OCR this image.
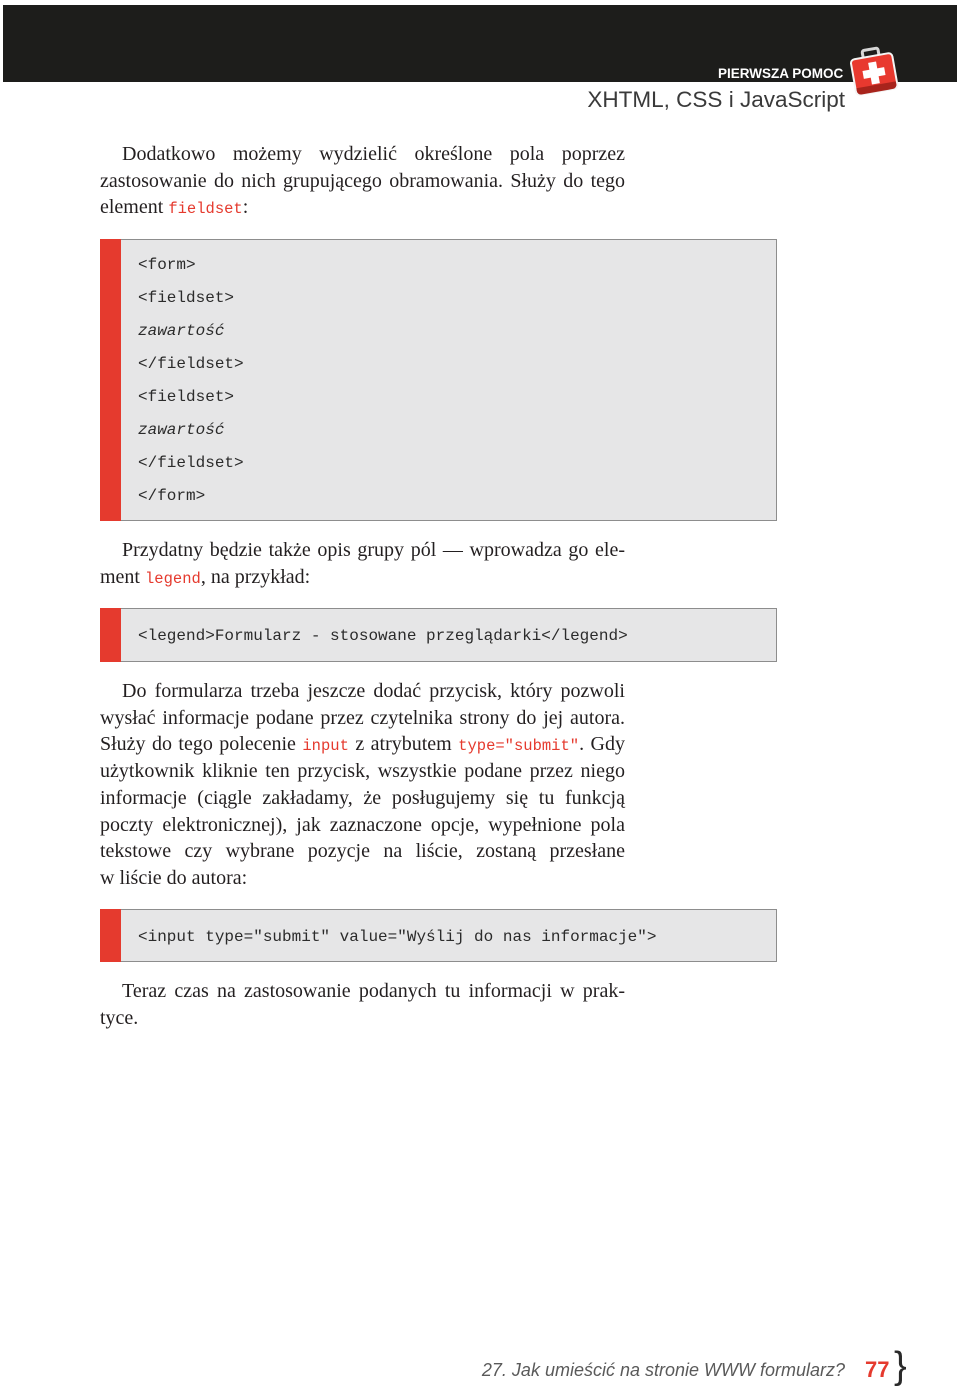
PIERWSZA POMOC
XHTML, CSS i JavaScript
Dodatkowo możemy wydzielić określone pola poprzez
zastosowanie do nich grupującego obramowania. Służy do tego
element fieldset:
<form>
<fieldset>
zawartość
</fieldset>
<fieldset>
zawartość
</fieldset>
</form>
Przydatny będzie także opis grupy pól — wprowadza go ele-
ment legend, na przykład:
<legend>Formularz - stosowane przeglądarki</legend>
Do formularza trzeba jeszcze dodać przycisk, który pozwoli
wysłać informacje podane przez czytelnika strony do jej autora.
Służy do tego polecenie input z atrybutem type="submit". Gdy
użytkownik kliknie ten przycisk, wszystkie podane przez niego
informacje (ciągle zakładamy, że posługujemy się tu funkcją
poczty elektronicznej), jak zaznaczone opcje, wypełnione pola
tekstowe czy wybrane pozycje na liście, zostaną przesłane
w liście do autora:
<input type="submit" value="Wyślij do nas informacje">
Teraz czas na zastosowanie podanych tu informacji w prak-
tyce.
27. Jak umieścić na stronie WWW formularz? 77 }
